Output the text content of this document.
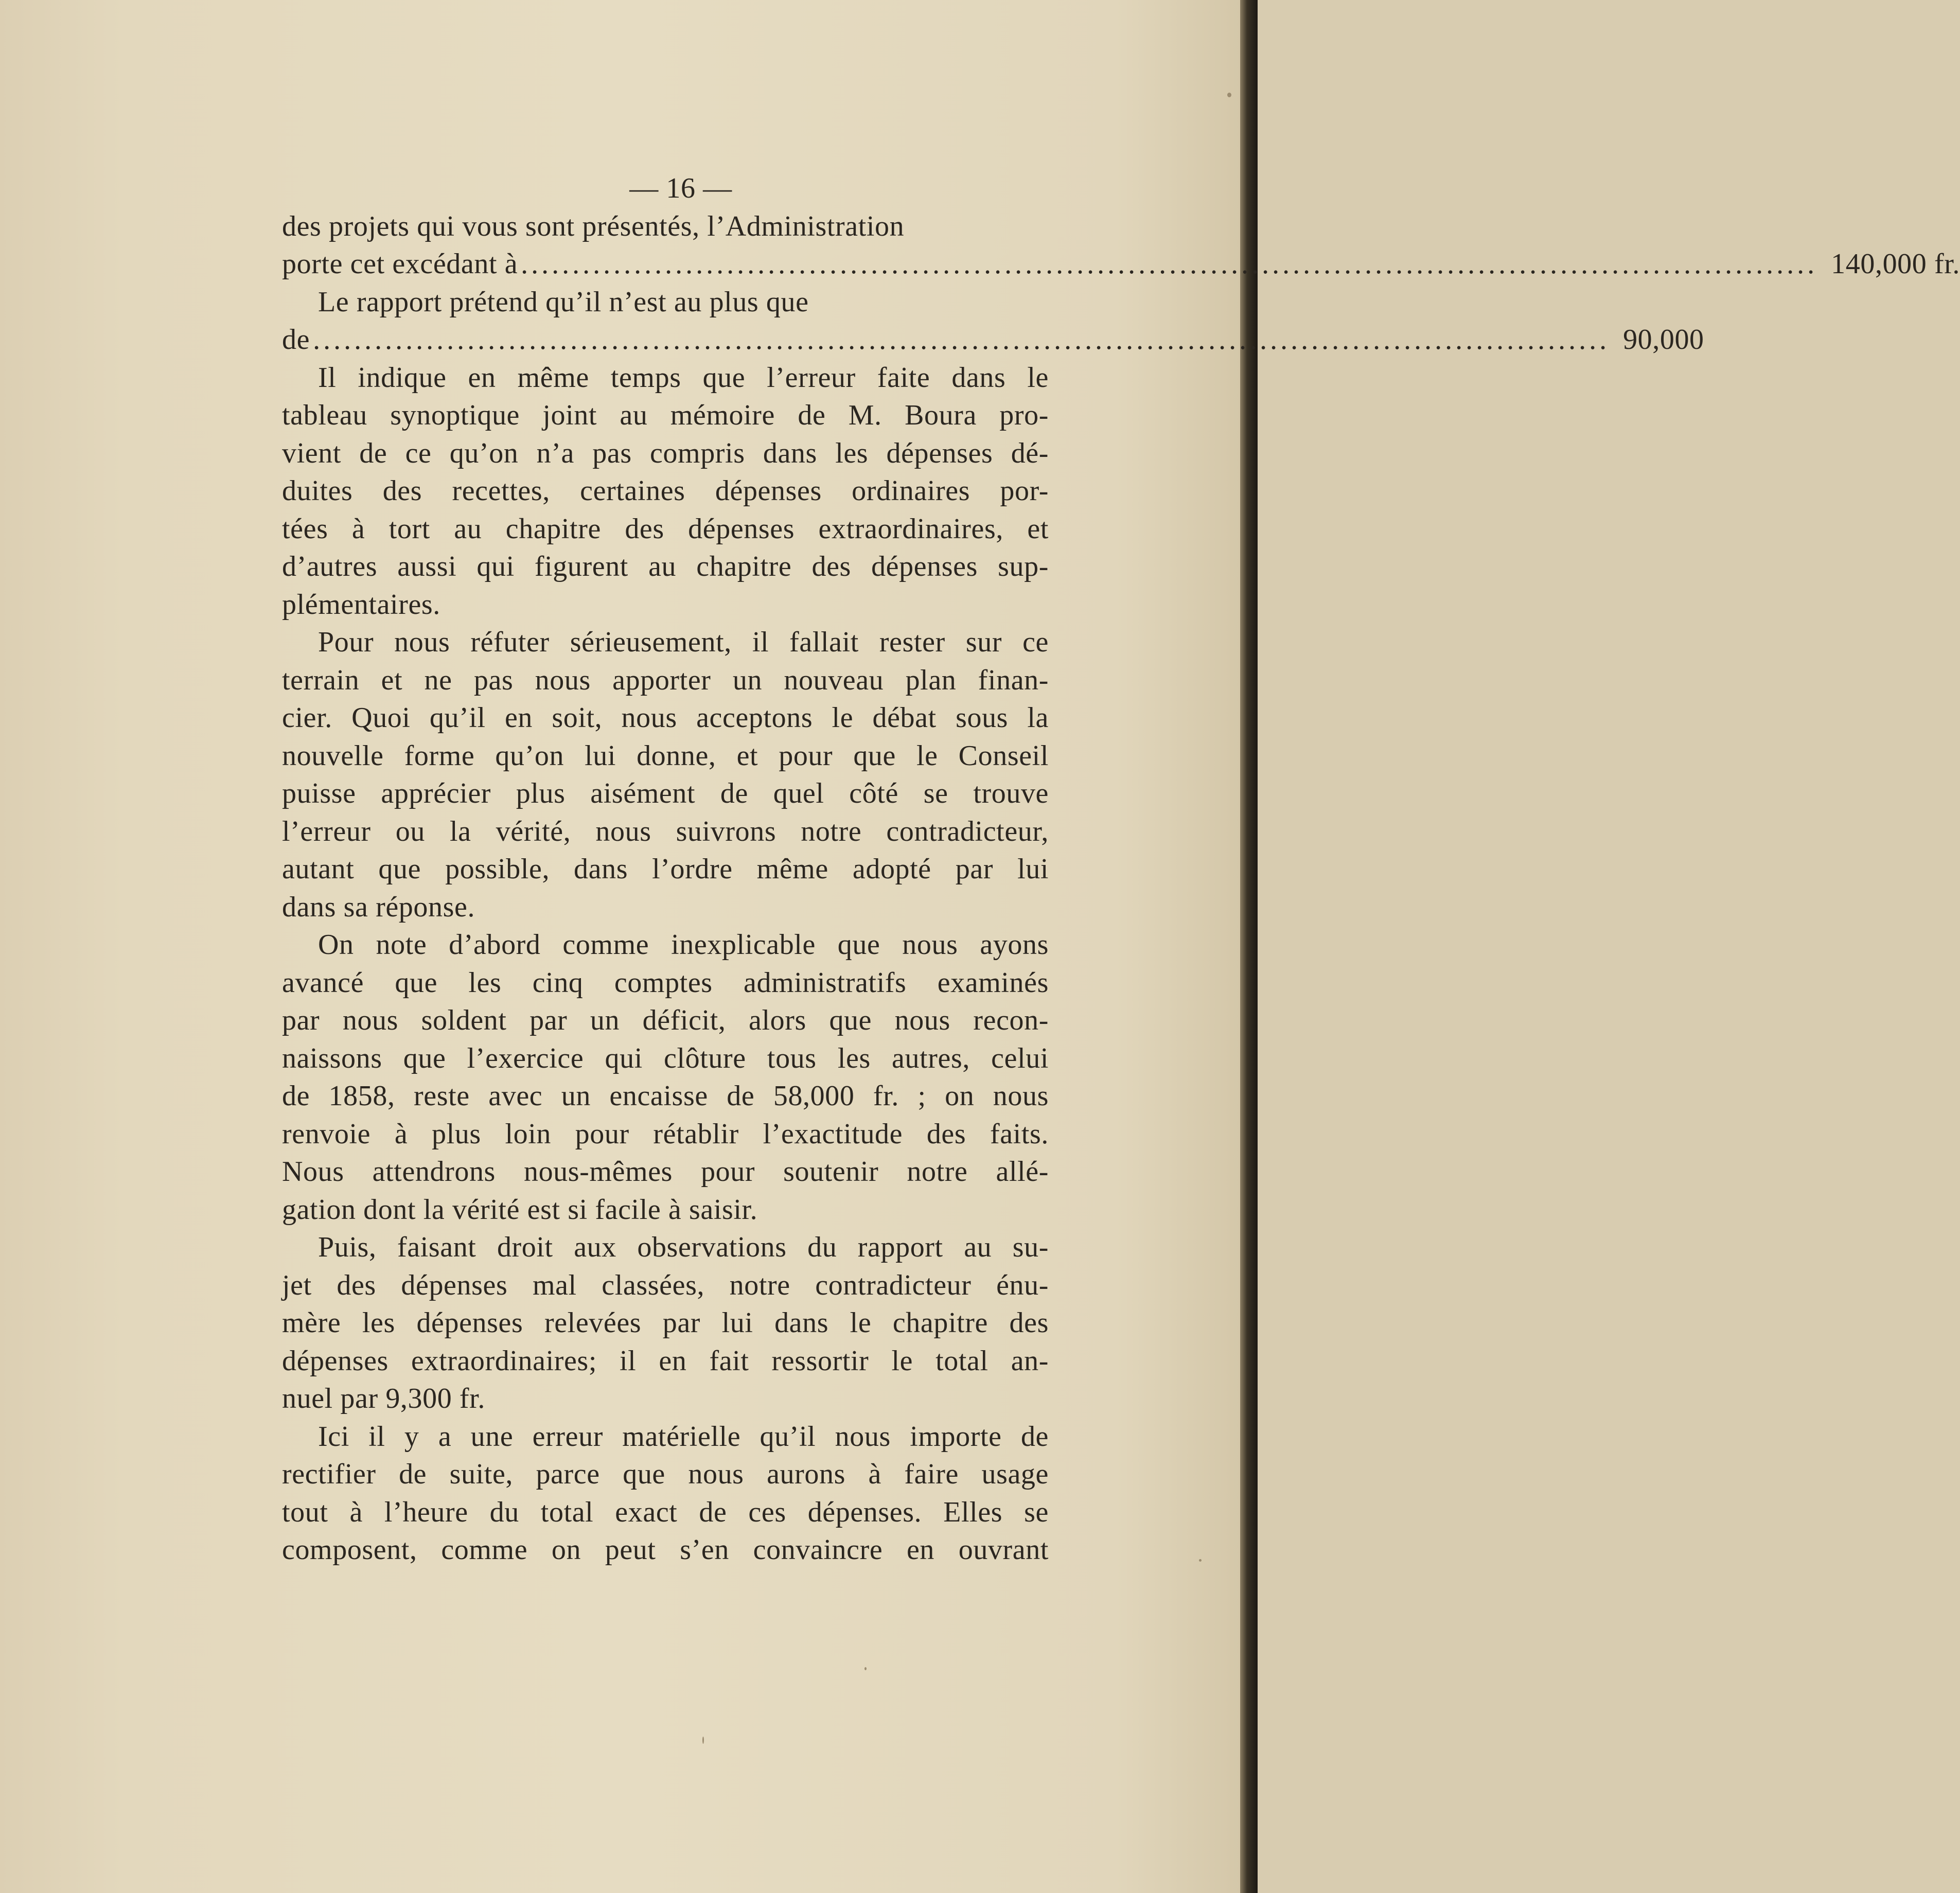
— 16 —
des projets qui vous sont présentés, l’Administration
porte cet excédant à .............................................................................................................................. 140,000 fr.
Le rapport prétend qu’il n’est au plus que
de .............................................................................................................................. 90,000
Il indique en même temps que l’erreur faite dans le
tableau synoptique joint au mémoire de M. Boura pro-
vient de ce qu’on n’a pas compris dans les dépenses dé-
duites des recettes, certaines dépenses ordinaires por-
tées à tort au chapitre des dépenses extraordinaires, et
d’autres aussi qui figurent au chapitre des dépenses sup-
plémentaires.
Pour nous réfuter sérieusement, il fallait rester sur ce
terrain et ne pas nous apporter un nouveau plan finan-
cier. Quoi qu’il en soit, nous acceptons le débat sous la
nouvelle forme qu’on lui donne, et pour que le Conseil
puisse apprécier plus aisément de quel côté se trouve
l’erreur ou la vérité, nous suivrons notre contradicteur,
autant que possible, dans l’ordre même adopté par lui
dans sa réponse.
On note d’abord comme inexplicable que nous ayons
avancé que les cinq comptes administratifs examinés
par nous soldent par un déficit, alors que nous recon-
naissons que l’exercice qui clôture tous les autres, celui
de 1858, reste avec un encaisse de 58,000 fr. ; on nous
renvoie à plus loin pour rétablir l’exactitude des faits.
Nous attendrons nous-mêmes pour soutenir notre allé-
gation dont la vérité est si facile à saisir.
Puis, faisant droit aux observations du rapport au su-
jet des dépenses mal classées, notre contradicteur énu-
mère les dépenses relevées par lui dans le chapitre des
dépenses extraordinaires; il en fait ressortir le total an-
nuel par 9,300 fr.
Ici il y a une erreur matérielle qu’il nous importe de
rectifier de suite, parce que nous aurons à faire usage
tout à l’heure du total exact de ces dépenses. Elles se
composent, comme on peut s’en convaincre en ouvrant
